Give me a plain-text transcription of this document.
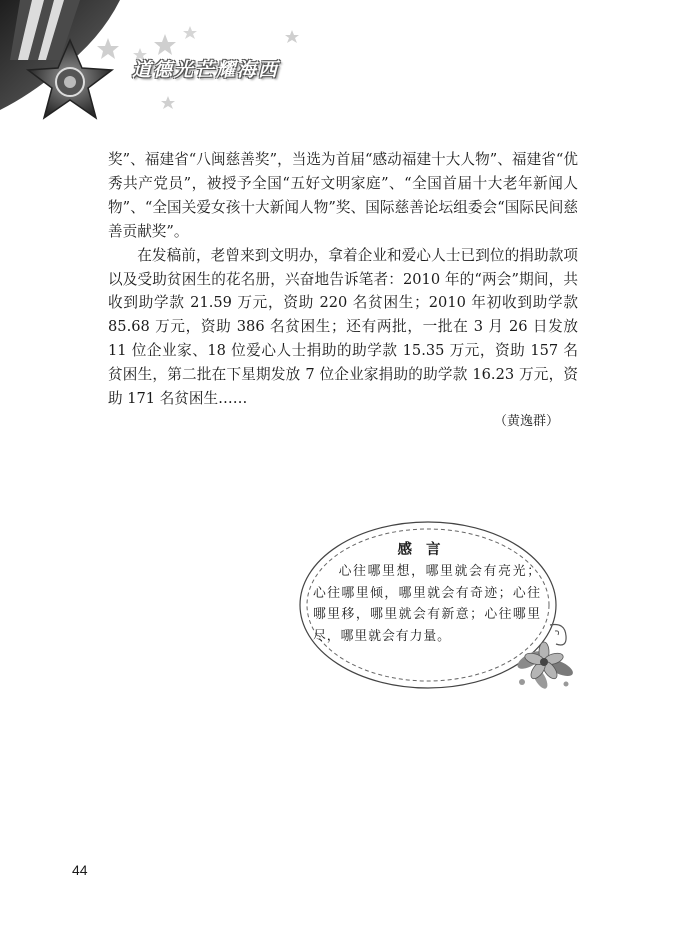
道德光芒耀海西

奖”、福建省“八闽慈善奖”，当选为首届“感动福建十大人物”、福建省“优秀共产党员”，被授予全国“五好文明家庭”、“全国首届十大老年新闻人物”、“全国关爱女孩十大新闻人物”奖、国际慈善论坛组委会“国际民间慈善贡献奖”。

在发稿前，老曾来到文明办，拿着企业和爱心人士已到位的捐助款项以及受助贫困生的花名册，兴奋地告诉笔者：2010 年的“两会”期间，共收到助学款 21.59 万元，资助 220 名贫困生；2010 年初收到助学款 85.68 万元，资助 386 名贫困生；还有两批，一批在 3 月 26 日发放 11 位企业家、18 位爱心人士捐助的助学款 15.35 万元，资助 157 名贫困生，第二批在下星期发放 7 位企业家捐助的助学款 16.23 万元，资助 171 名贫困生……

（黄逸群）
感言
心往哪里想，哪里就会有亮光；心往哪里倾，哪里就会有奇迹；心往哪里移，哪里就会有新意；心往哪里尽，哪里就会有力量。
44
